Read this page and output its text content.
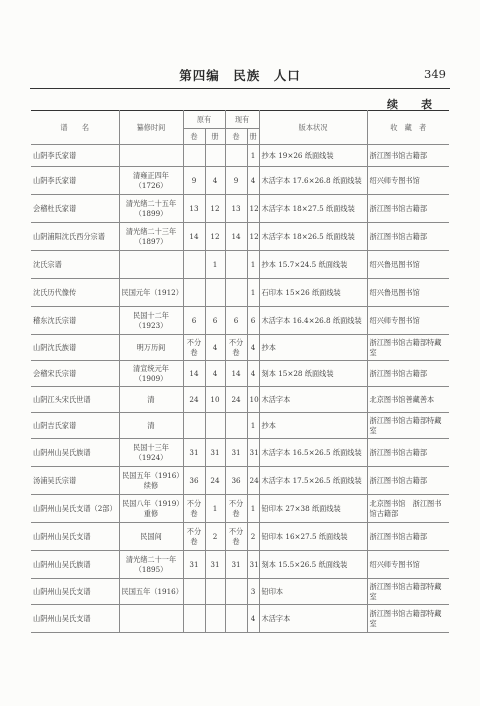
第四编　民族　人口	349
续　表
谱　　名	纂修时间	原有		现有		版本状况	收　藏　者
		卷	册	卷	册		
山阴李氏家谱					1	抄本 19×26 纸面线装	浙江图书馆古籍部
山阴李氏家谱	清雍正四年（1726）	9	4	9	4	木活字本 17.6×26.8 纸面线装	绍兴师专图书馆
会稽杜氏家谱	清光绪二十五年（1899）	13	12	13	12	木活字本 18×27.5 纸面线装	浙江图书馆古籍部
山阴浦阳沈氏西分宗谱	清光绪二十三年（1897）	14	12	14	12	木活字本 18×26.5 纸面线装	浙江图书馆古籍部
沈氏宗谱			1		1	抄本 15.7×24.5 纸面线装	绍兴鲁迅图书馆
沈氏历代像传	民国元年（1912）				1	石印本 15×26 纸面线装	绍兴鲁迅图书馆
稽东沈氏宗谱	民国十二年（1923）	6	6	6	6	木活字本 16.4×26.8 纸面线装	绍兴师专图书馆
山阴沈氏族谱	明万历间	不分卷	4	不分卷	4	抄本	浙江图书馆古籍部特藏室
会稽宋氏宗谱	清宣统元年（1909）	14	4	14	4	刻本 15×28 纸面线装	浙江图书馆古籍部
山阴江头宋氏世谱	清	24	10	24	10	木活字本	北京图书馆善藏善本
山阴吉氏家谱	清				1	抄本	浙江图书馆古籍部特藏室
山阴州山吴氏族谱	民国十三年（1924）	31	31	31	31	木活字本 16.5×26.5 纸面线装	浙江图书馆古籍部
汤浦吴氏宗谱	民国五年（1916）续修	36	24	36	24	木活字本 17.5×26.5 纸面线装	浙江图书馆古籍部
山阴州山吴氏支谱（2部）	民国八年（1919）重修	不分卷	1	不分卷	1	铅印本 27×38 纸面线装	北京图书馆　浙江图书馆古籍部
山阴州山吴氏支谱	民国间	不分卷	2	不分卷	2	铅印本 16×27.5 纸面线装	浙江图书馆古籍部
山阴州山吴氏族谱	清光绪二十一年（1895）	31	31	31	31	刻本 15.5×26.5 纸面线装	绍兴师专图书馆
山阴州山吴氏支谱	民国五年（1916）				3	铅印本	浙江图书馆古籍部特藏室
山阴州山吴氏支谱					4	木活字本	浙江图书馆古籍部特藏室
